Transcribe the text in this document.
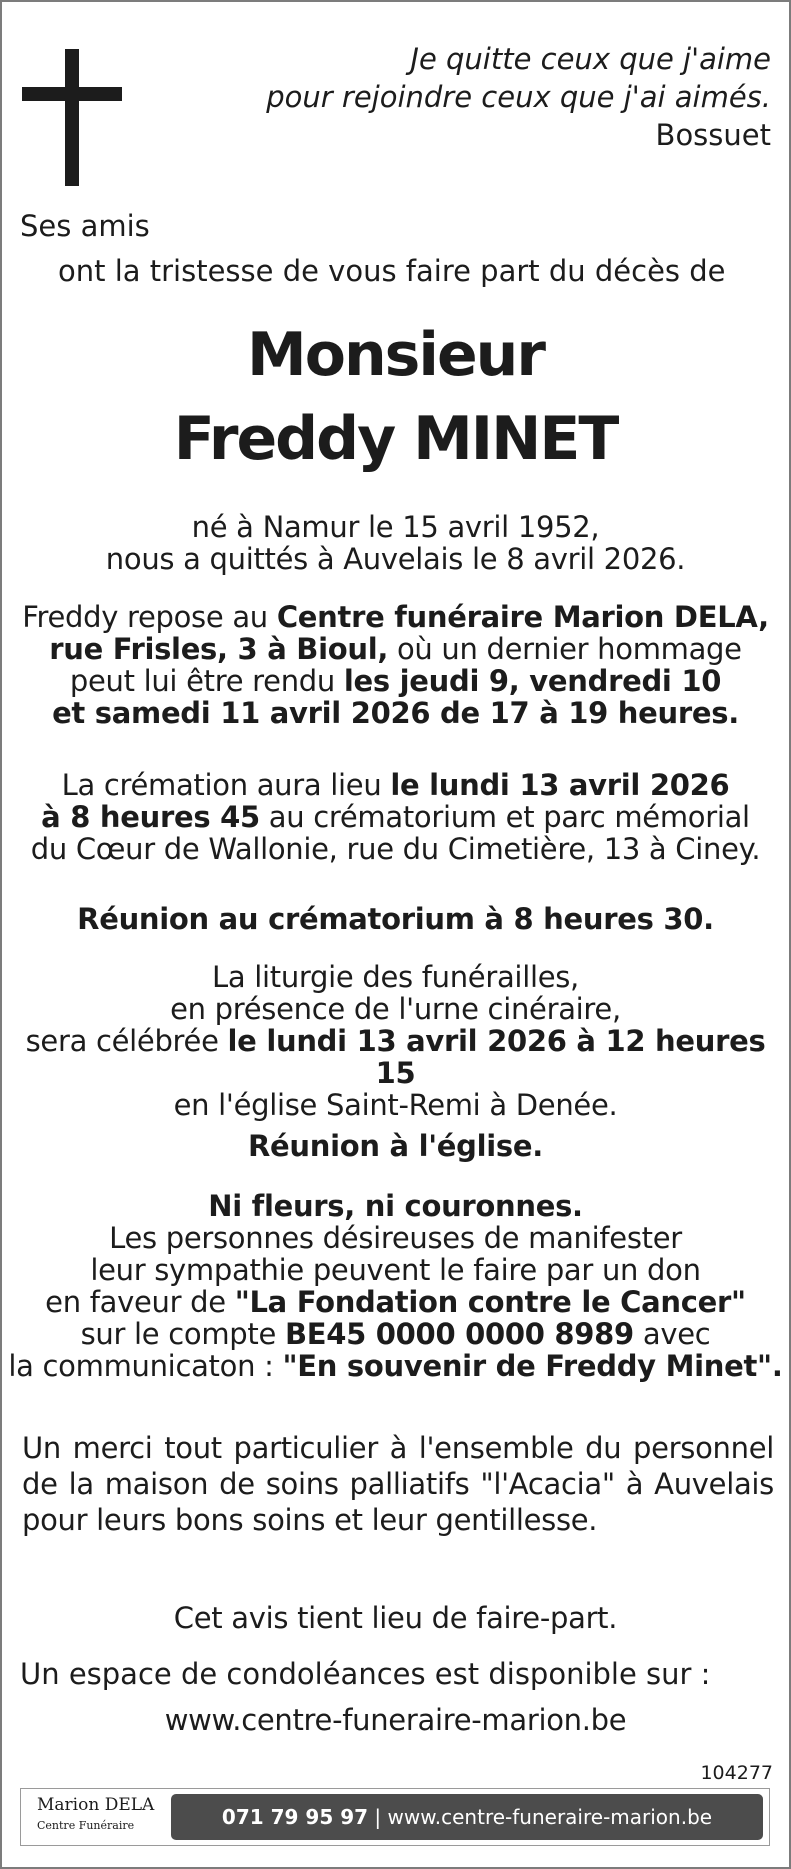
Je quitte ceux que j'aime
pour rejoindre ceux que j'ai aimés.
Bossuet
Ses amis
ont la tristesse de vous faire part du décès de
Monsieur
Freddy MINET
né à Namur le 15 avril 1952,
nous a quittés à Auvelais le 8 avril 2026.
Freddy repose au Centre funéraire Marion DELA,
rue Frisles, 3 à Bioul, où un dernier hommage
peut lui être rendu les jeudi 9, vendredi 10
et samedi 11 avril 2026 de 17 à 19 heures.
La crémation aura lieu le lundi 13 avril 2026
à 8 heures 45 au crématorium et parc mémorial
du Cœur de Wallonie, rue du Cimetière, 13 à Ciney.
Réunion au crématorium à 8 heures 30.
La liturgie des funérailles,
en présence de l'urne cinéraire,
sera célébrée le lundi 13 avril 2026 à 12 heures 15
en l'église Saint-Remi à Denée.
Réunion à l'église.
Ni fleurs, ni couronnes.
Les personnes désireuses de manifester
leur sympathie peuvent le faire par un don
en faveur de "La Fondation contre le Cancer"
sur le compte BE45 0000 0000 8989 avec
la communicaton : "En souvenir de Freddy Minet".
Un merci tout particulier à l'ensemble du personnel de la maison de soins palliatifs "l'Acacia" à Auvelais pour leurs bons soins et leur gentillesse.
Cet avis tient lieu de faire-part.
Un espace de condoléances est disponible sur :
www.centre-funeraire-marion.be
104277
Marion DELA
Centre Funéraire	071 79 95 97 | www.centre-funeraire-marion.be
